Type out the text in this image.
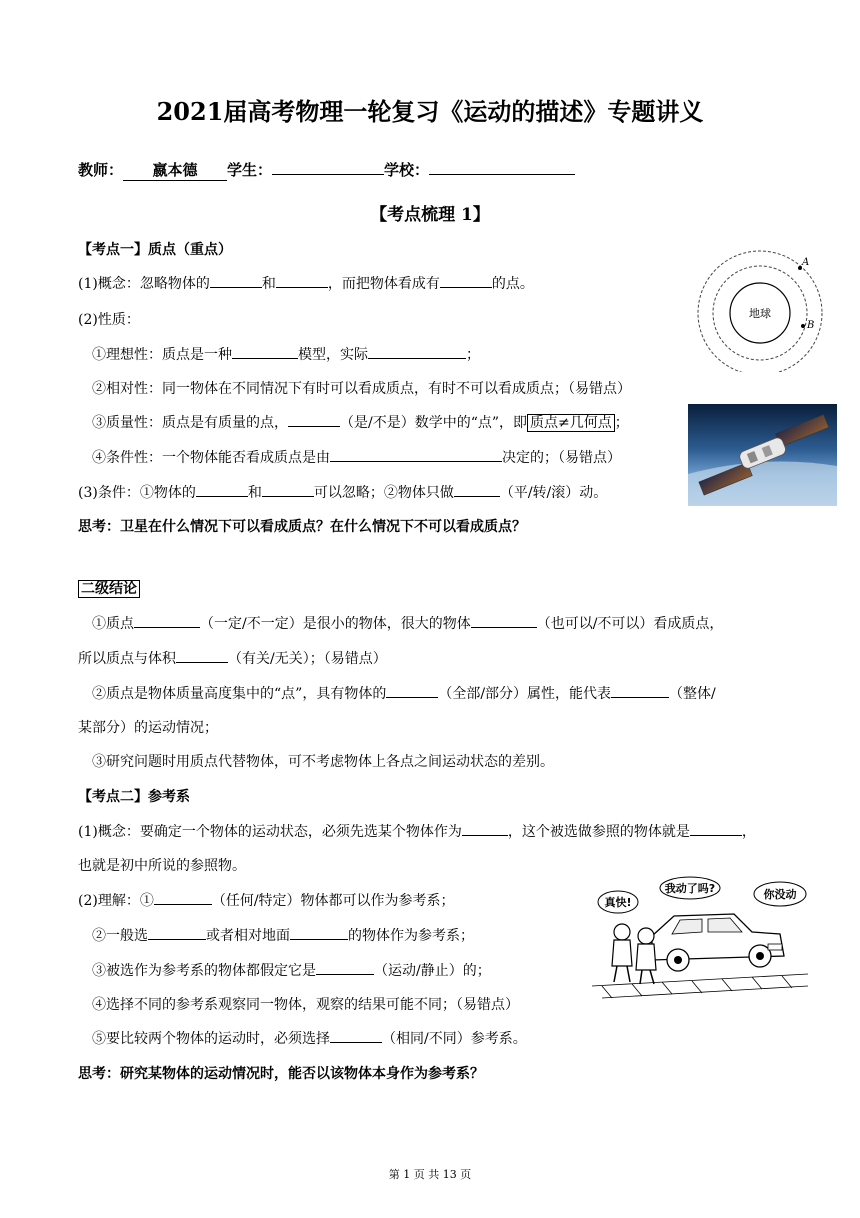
2021届高考物理一轮复习《运动的描述》专题讲义
教师： 嬴本德 学生：	学校：
【考点梳理 1】
【考点一】质点（重点）
(1)概念：忽略物体的	和	，而把物体看成有	的点。
(2)性质：
①理想性：质点是一种	模型，实际	；
②相对性：同一物体在不同情况下有时可以看成质点，有时不可以看成质点；（易错点）
③质量性：质点是有质量的点，	（是/不是）数学中的“点”，即 质点≠几何点 ；
④条件性：一个物体能否看成质点是由	决定的；（易错点）
(3)条件：①物体的	和	可以忽略；②物体只做	（平/转/滚）动。
思考：卫星在什么情况下可以看成质点？在什么情况下不可以看成质点？
地球
A
B
二级结论
①质点	（一定/不一定）是很小的物体，很大的物体	（也可以/不可以）看成质点，
所以质点与体积	（有关/无关）；（易错点）
②质点是物体质量高度集中的“点”，具有物体的	（全部/部分）属性，能代表	（整体/
某部分）的运动情况；
③研究问题时用质点代替物体，可不考虑物体上各点之间运动状态的差别。
【考点二】参考系
(1)概念：要确定一个物体的运动状态，必须先选某个物体作为	，这个被选做参照的物体就是	，
也就是初中所说的参照物。
(2)理解：①	（任何/特定）物体都可以作为参考系；
②一般选	或者相对地面	的物体作为参考系；
③被选作为参考系的物体都假定它是	（运动/静止）的；
④选择不同的参考系观察同一物体，观察的结果可能不同；（易错点）
⑤要比较两个物体的运动时，必须选择	（相同/不同）参考系。
思考：研究某物体的运动情况时，能否以该物体本身作为参考系？
真快!
我动了吗?	你没动
第 1 页 共 13 页
